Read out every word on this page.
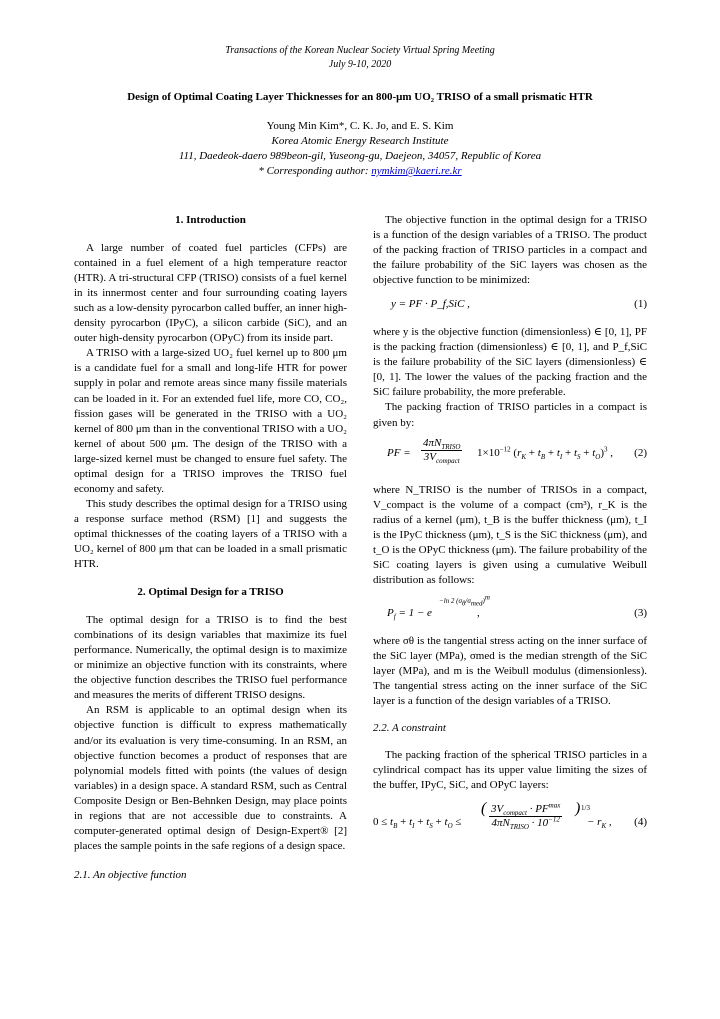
Transactions of the Korean Nuclear Society Virtual Spring Meeting
July 9-10, 2020
Design of Optimal Coating Layer Thicknesses for an 800-μm UO₂ TRISO of a small prismatic HTR
Young Min Kim*, C. K. Jo, and E. S. Kim
Korea Atomic Energy Research Institute
111, Daedeok-daero 989beon-gil, Yuseong-gu, Daejeon, 34057, Republic of Korea
* Corresponding author: nymkim@kaeri.re.kr
1. Introduction

A large number of coated fuel particles (CFPs) are contained in a fuel element of a high temperature reactor (HTR). A tri-structural CFP (TRISO) consists of a fuel kernel in its innermost center and four surrounding coating layers such as a low-density pyrocarbon called buffer, an inner high-density pyrocarbon (IPyC), a silicon carbide (SiC), and an outer high-density pyrocarbon (OPyC) from its inside part.

A TRISO with a large-sized UO₂ fuel kernel up to 800 μm is a candidate fuel for a small and long-life HTR for power supply in polar and remote areas since many fissile materials can be loaded in it. For an extended fuel life, more CO, CO₂, fission gases will be generated in the TRISO with a UO₂ kernel of 800 μm than in the conventional TRISO with a UO₂ kernel of about 500 μm. The design of the TRISO with a large-sized kernel must be changed to ensure fuel safety. The optimal design for a TRISO improves the TRISO fuel economy and safety.

This study describes the optimal design for a TRISO using a response surface method (RSM) [1] and suggests the optimal thicknesses of the coating layers of a TRISO with a UO₂ kernel of 800 μm that can be loaded in a small prismatic HTR.

2. Optimal Design for a TRISO

The optimal design for a TRISO is to find the best combinations of its design variables that maximize its fuel performance. Numerically, the optimal design is to maximize or minimize an objective function with its constraints, where the objective function describes the TRISO fuel performance and measures the merits of different TRISO designs.

An RSM is applicable to an optimal design when its objective function is difficult to express mathematically and/or its evaluation is very time-consuming. In an RSM, an objective function becomes a product of responses that are polynomial models fitted with points (the values of design variables) in a design space. A standard RSM, such as Central Composite Design or Ben-Behnken Design, may place points in regions that are not accessible due to constraints. A computer-generated optimal design of Design-Expert® [2] places the sample points in the safe regions of a design space.

2.1. An objective function

The objective function in the optimal design for a TRISO is a function of the design variables of a TRISO. The product of the packing fraction of TRISO particles in a compact and the failure probability of the SiC layers was chosen as the objective function to be minimized:

y = PF · P_f,SiC ,	(1)

where y is the objective function (dimensionless) ∈ [0, 1], PF is the packing fraction (dimensionless) ∈ [0, 1], and P_f,SiC is the failure probability of the SiC layers (dimensionless) ∈ [0, 1]. The lower the values of the packing fraction and the SiC failure probability, the more preferable.

The packing fraction of TRISO particles in a compact is given by:

PF =
$4\pi N_{TRISO}$
$3V_{compact}$
$1\times 10^{-12}$ $(r_K + t_B + t_I + t_S + t_O)^3$ , (2)

where N_TRISO is the number of TRISOs in a compact, V_compact is the volume of a compact (cm³), r_K is the radius of a kernel (μm), t_B is the buffer thickness (μm), t_I is the IPyC thickness (μm), t_S is the SiC thickness (μm), and t_O is the OPyC thickness (μm). The failure probability of the SiC coating layers is given using a cumulative Weibull distribution as follows:

$P_f = 1 - e$
−ln 2 $(\sigma_\theta/\sigma_{med})^m$
,	(3)

where σθ is the tangential stress acting on the inner surface of the SiC layer (MPa), σmed is the median strength of the SiC layer (MPa), and m is the Weibull modulus (dimensionless). The tangential stress acting on the inner surface of the SiC layer is a function of the design variables of a TRISO.

2.2. A constraint

The packing fraction of the spherical TRISO particles in a cylindrical compact has its upper value limiting the sizes of the buffer, IPyC, SiC, and OPyC layers:

$0 \le t_B + t_I + t_S + t_O$ ≤
( $3V_{compact} \cdot PF^{max}$
$4\pi N_{TRISO} \cdot 10^{-12}$
) 1/3
− $r_K$ , (4)
